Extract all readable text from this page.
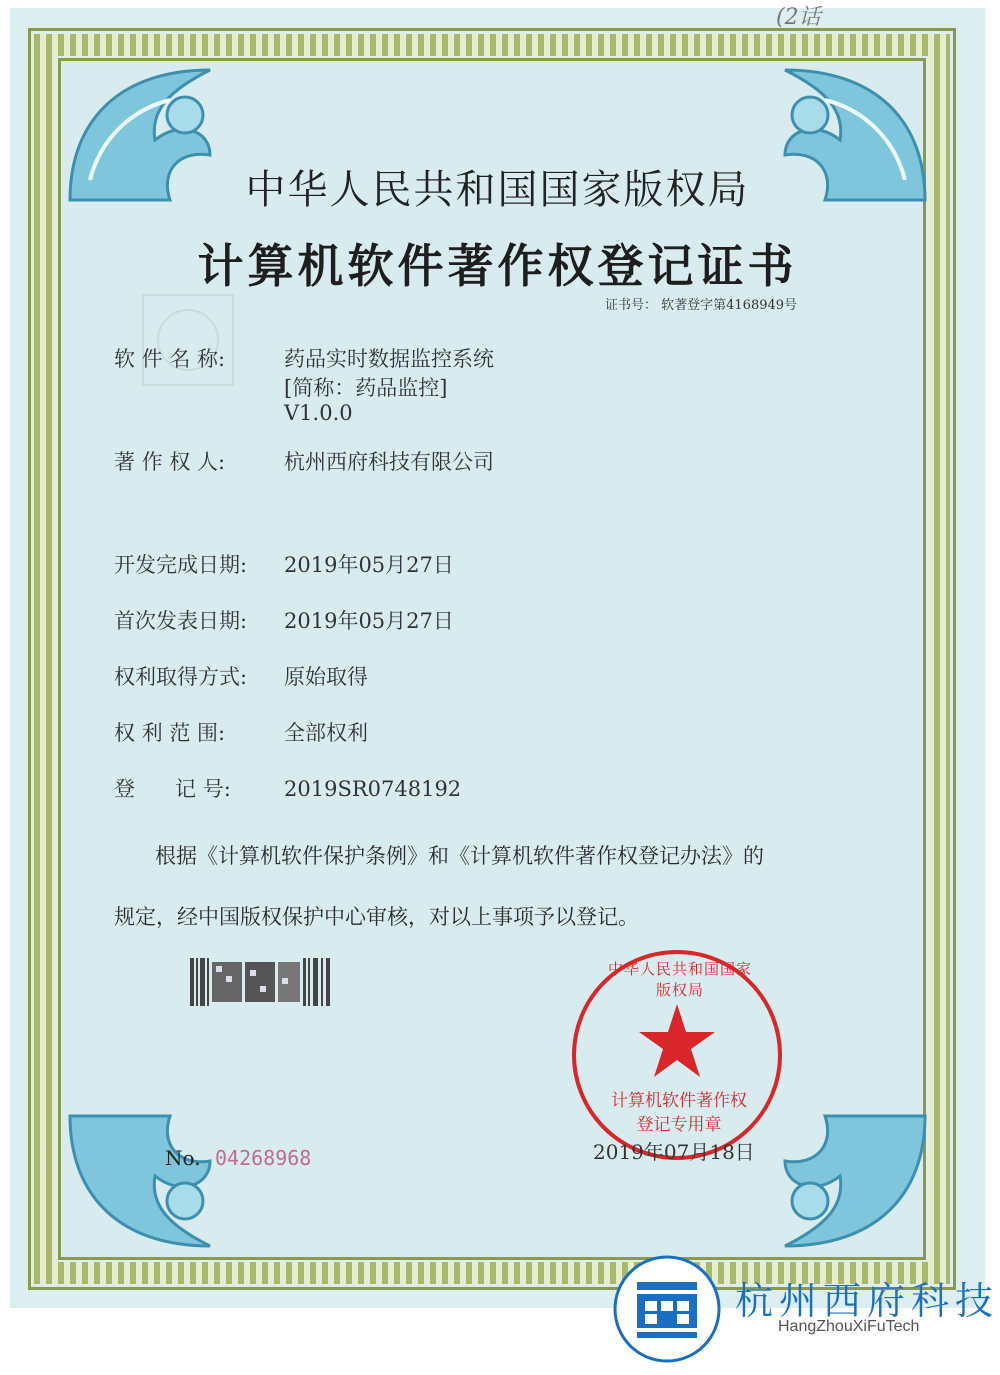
中华人民共和国国家版权局
计算机软件著作权登记证书
证书号： 软著登字第4168949号
软 件 名 称:	药品实时数据监控系统
[简称：药品监控]
V1.0.0
著 作 权 人:	杭州西府科技有限公司
开发完成日期: 2019年05月27日
首次发表日期: 2019年05月27日
权利取得方式: 原始取得
权 利 范 围:	全部权利
登      记 号:	2019SR0748192
根据《计算机软件保护条例》和《计算机软件著作权登记办法》的
规定，经中国版权保护中心审核，对以上事项予以登记。
中华人民共和国国家版权局
计算机软件著作权
登记专用章
2019年07月18日
No. 04268968
(2话
杭州西府科技
HangZhouXiFuTech
